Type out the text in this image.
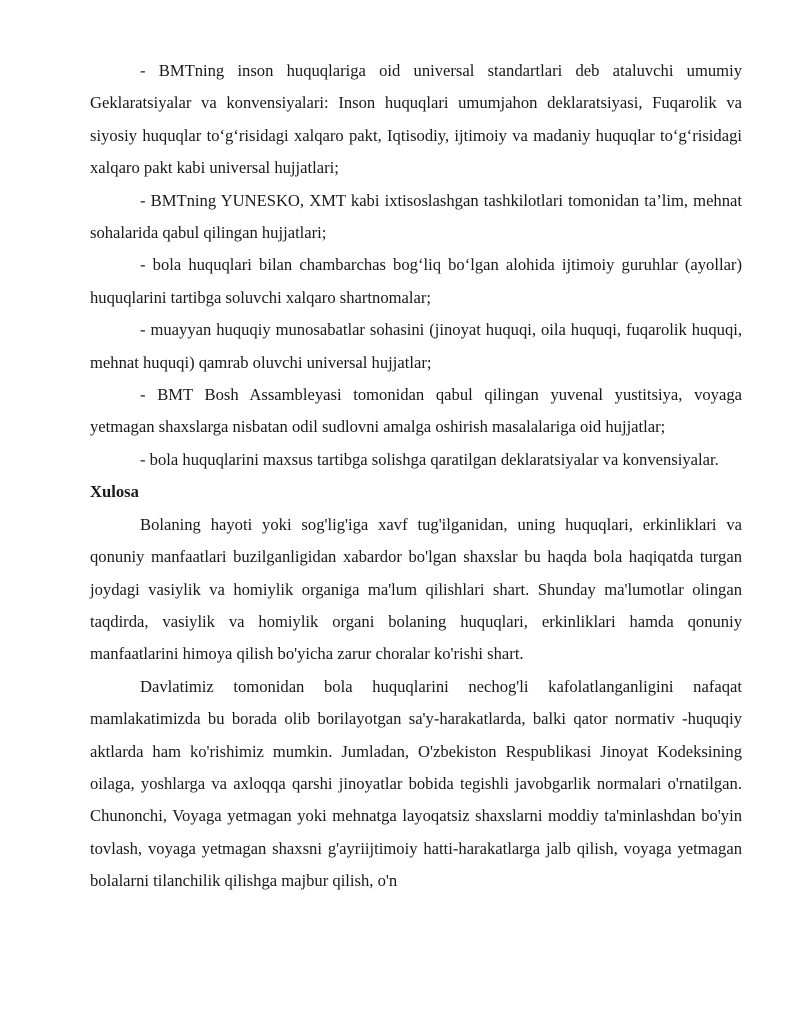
- BMTning inson huquqlariga oid universal standartlari deb ataluvchi umumiy Geklaratsiyalar va konvensiyalari: Inson huquqlari umumjahon deklaratsiyasi, Fuqarolik va siyosiy huquqlar to‘g‘risidagi xalqaro pakt, Iqtisodiy, ijtimoiy va madaniy huquqlar to‘g‘risidagi xalqaro pakt kabi universal hujjatlari;

- BMTning YUNESKO, XMT kabi ixtisoslashgan tashkilotlari tomonidan ta’lim, mehnat sohalarida qabul qilingan hujjatlari;

- bola huquqlari bilan chambarchas bog‘liq bo‘lgan alohida ijtimoiy guruhlar (ayollar) huquqlarini tartibga soluvchi xalqaro shartnomalar;

- muayyan huquqiy munosabatlar sohasini (jinoyat huquqi, oila huquqi, fuqarolik huquqi, mehnat huquqi) qamrab oluvchi universal hujjatlar;

- BMT Bosh Assambleyasi tomonidan qabul qilingan yuvenal yustitsiya, voyaga yetmagan shaxslarga nisbatan odil sudlovni amalga oshirish masalalariga oid hujjatlar;

- bola huquqlarini maxsus tartibga solishga qaratilgan deklaratsiyalar va konvensiyalar.

Xulosa

Bolaning hayoti yoki sog'lig'iga xavf tug'ilganidan, uning huquqlari, erkinliklari va qonuniy manfaatlari buzilganligidan xabardor bo'lgan shaxslar bu haqda bola haqiqatda turgan joydagi vasiylik va homiylik organiga ma'lum qilishlari shart. Shunday ma'lumotlar olingan taqdirda, vasiylik va homiylik organi bolaning huquqlari, erkinliklari hamda qonuniy manfaatlarini himoya qilish bo'yicha zarur choralar ko'rishi shart.

Davlatimiz tomonidan bola huquqlarini nechog'li kafolatlanganligini nafaqat mamlakatimizda bu borada olib borilayotgan sa'y-harakatlarda, balki qator normativ -huquqiy aktlarda ham ko'rishimiz mumkin. Jumladan, O'zbekiston Respublikasi Jinoyat Kodeksining oilaga, yoshlarga va axloqqa qarshi jinoyatlar bobida tegishli javobgarlik normalari o'rnatilgan. Chunonchi, Voyaga yetmagan yoki mehnatga layoqatsiz shaxslarni moddiy ta'minlashdan bo'yin tovlash, voyaga yetmagan shaxsni g'ayriijtimoiy hatti-harakatlarga jalb qilish, voyaga yetmagan bolalarni tilanchilik qilishga majbur qilish, o'n
